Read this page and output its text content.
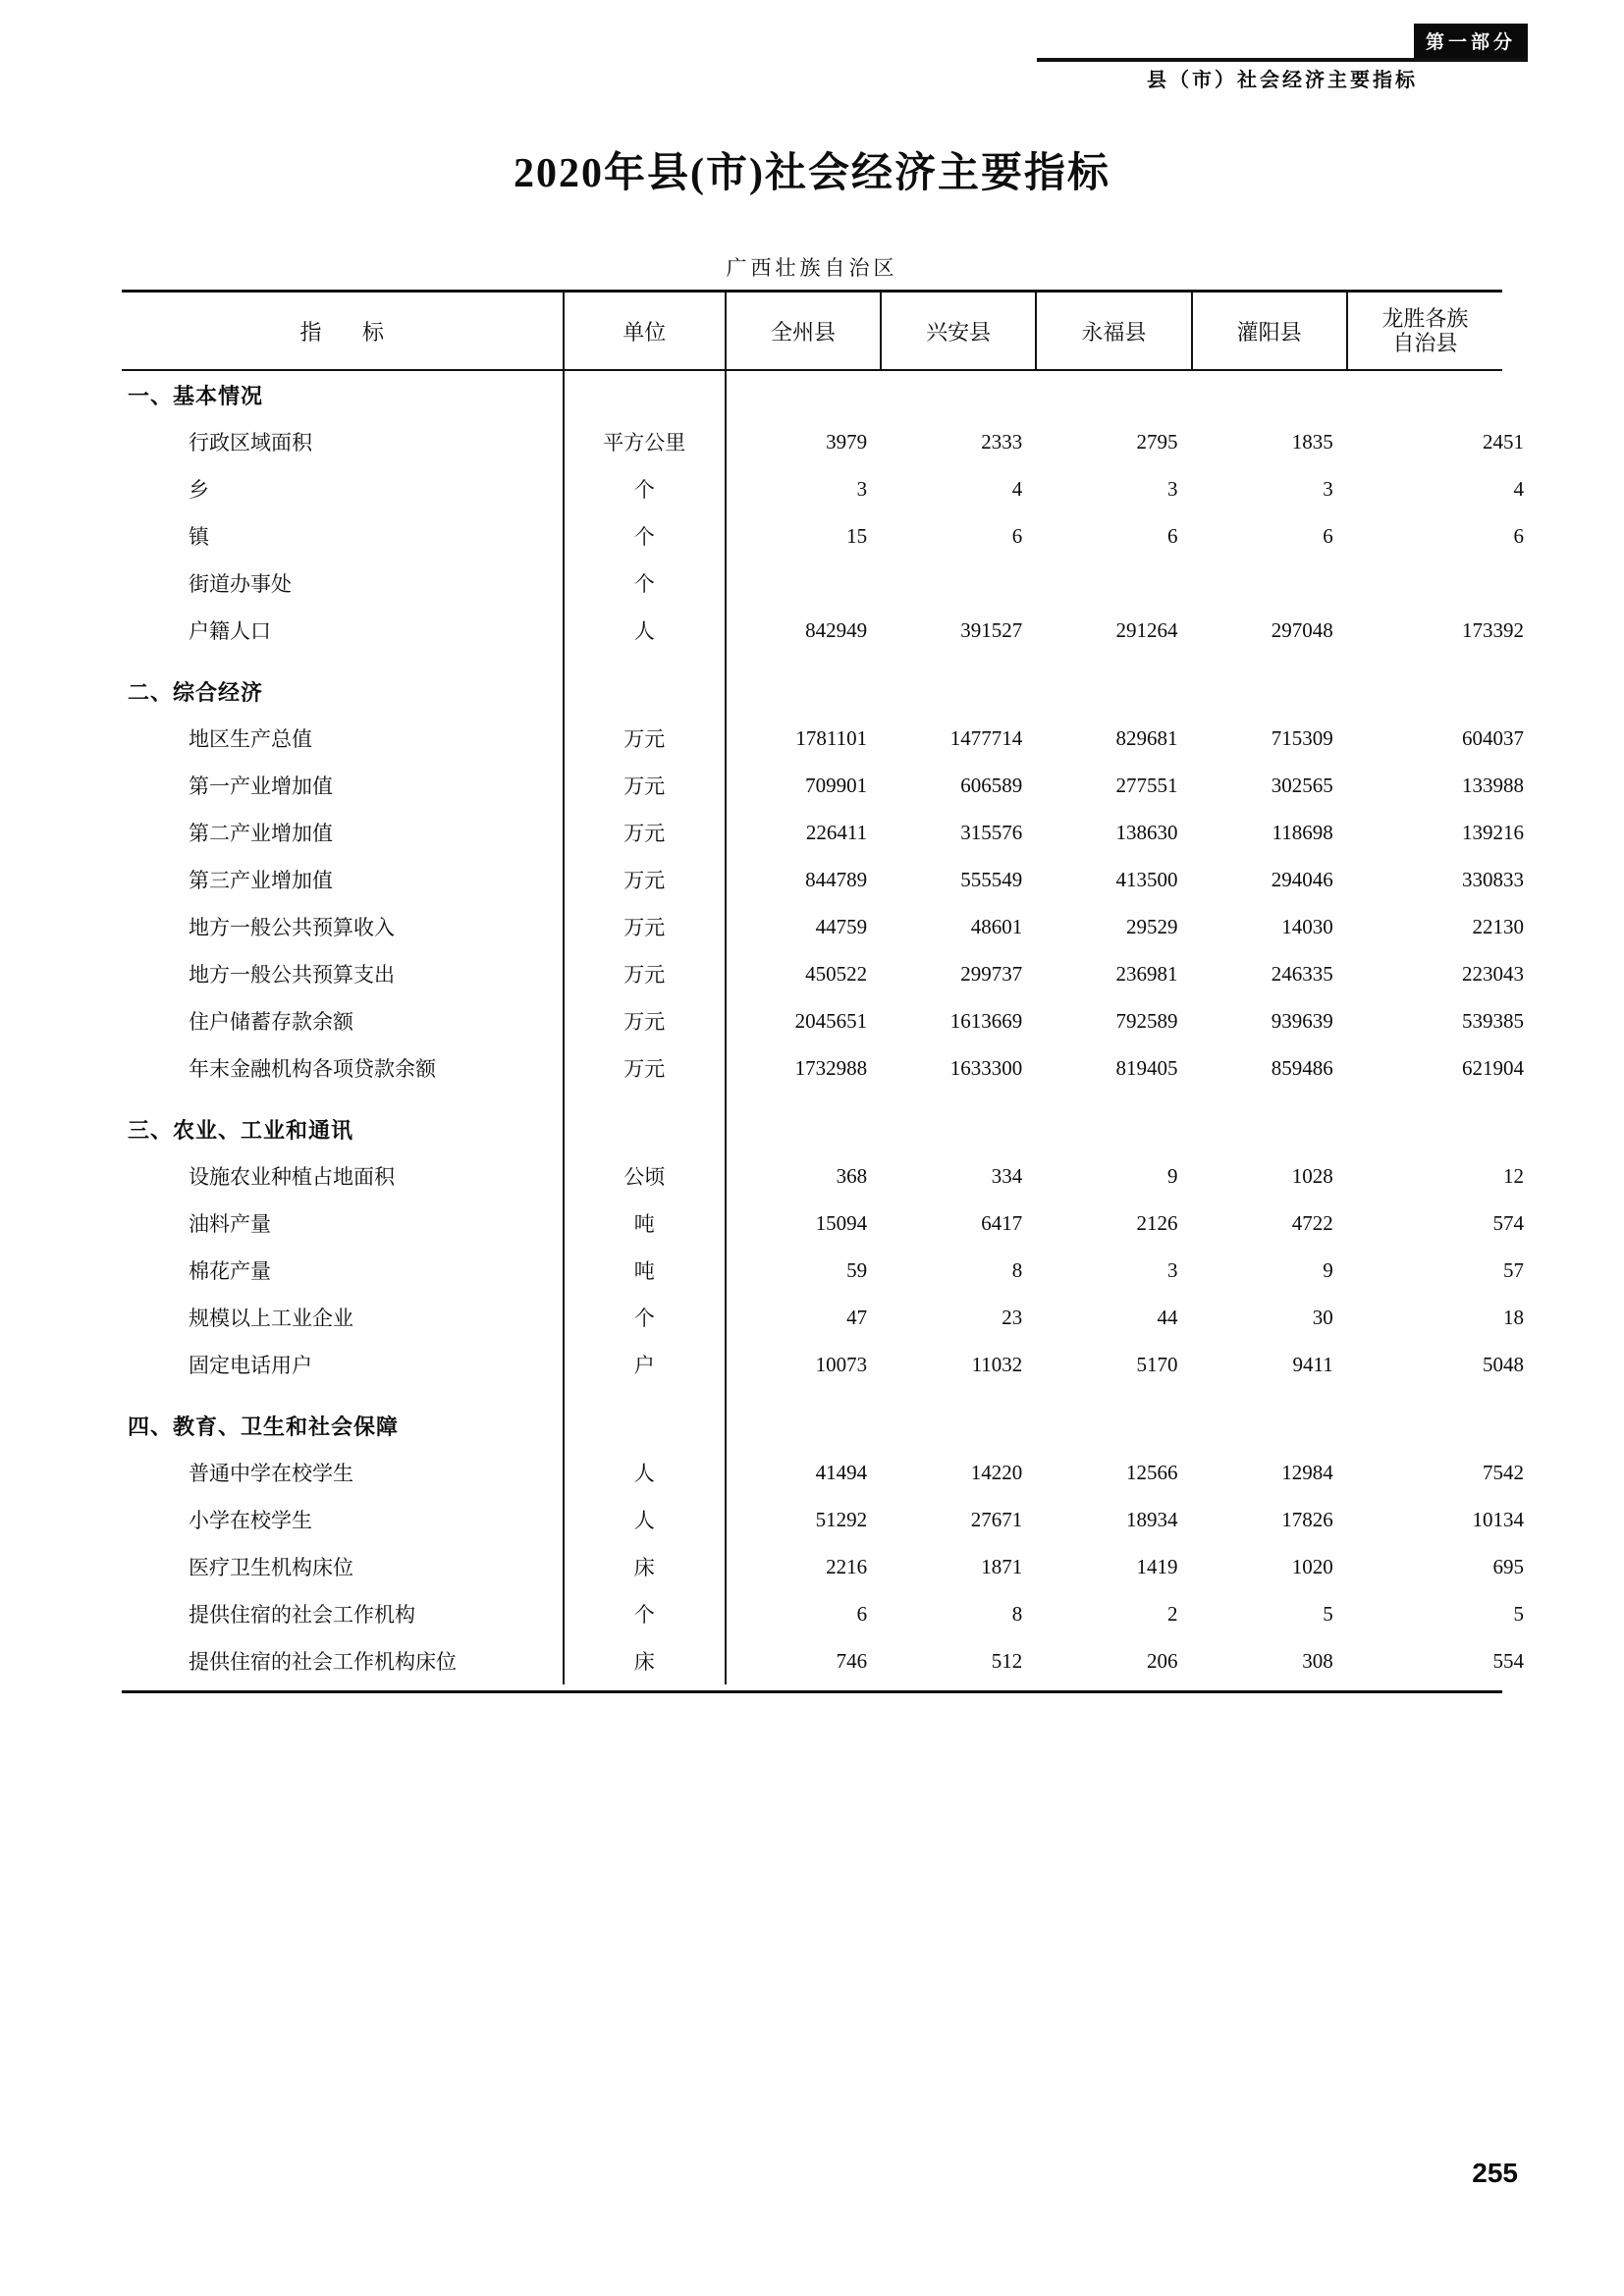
第一部分
县（市）社会经济主要指标
2020年县(市)社会经济主要指标
广西壮族自治区

指 标	单位	全州县	兴安县	永福县	灌阳县	龙胜各族
自治县

一、基本情况						
行政区域面积	平方公里	3979	2333	2795	1835	2451
乡	个	3	4	3	3	4
镇	个	15	6	6	6	6
街道办事处	个					
户籍人口	人	842949	391527	291264	297048	173392

二、综合经济						
地区生产总值	万元	1781101	1477714	829681	715309	604037
第一产业增加值	万元	709901	606589	277551	302565	133988
第二产业增加值	万元	226411	315576	138630	118698	139216
第三产业增加值	万元	844789	555549	413500	294046	330833
地方一般公共预算收入	万元	44759	48601	29529	14030	22130
地方一般公共预算支出	万元	450522	299737	236981	246335	223043
住户储蓄存款余额	万元	2045651	1613669	792589	939639	539385
年末金融机构各项贷款余额	万元	1732988	1633300	819405	859486	621904

三、农业、工业和通讯						
设施农业种植占地面积	公顷	368	334	9	1028	12
油料产量	吨	15094	6417	2126	4722	574
棉花产量	吨	59	8	3	9	57
规模以上工业企业	个	47	23	44	30	18
固定电话用户	户	10073	11032	5170	9411	5048

四、教育、卫生和社会保障						
普通中学在校学生	人	41494	14220	12566	12984	7542
小学在校学生	人	51292	27671	18934	17826	10134
医疗卫生机构床位	床	2216	1871	1419	1020	695
提供住宿的社会工作机构	个	6	8	2	5	5
提供住宿的社会工作机构床位	床	746	512	206	308	554
255
